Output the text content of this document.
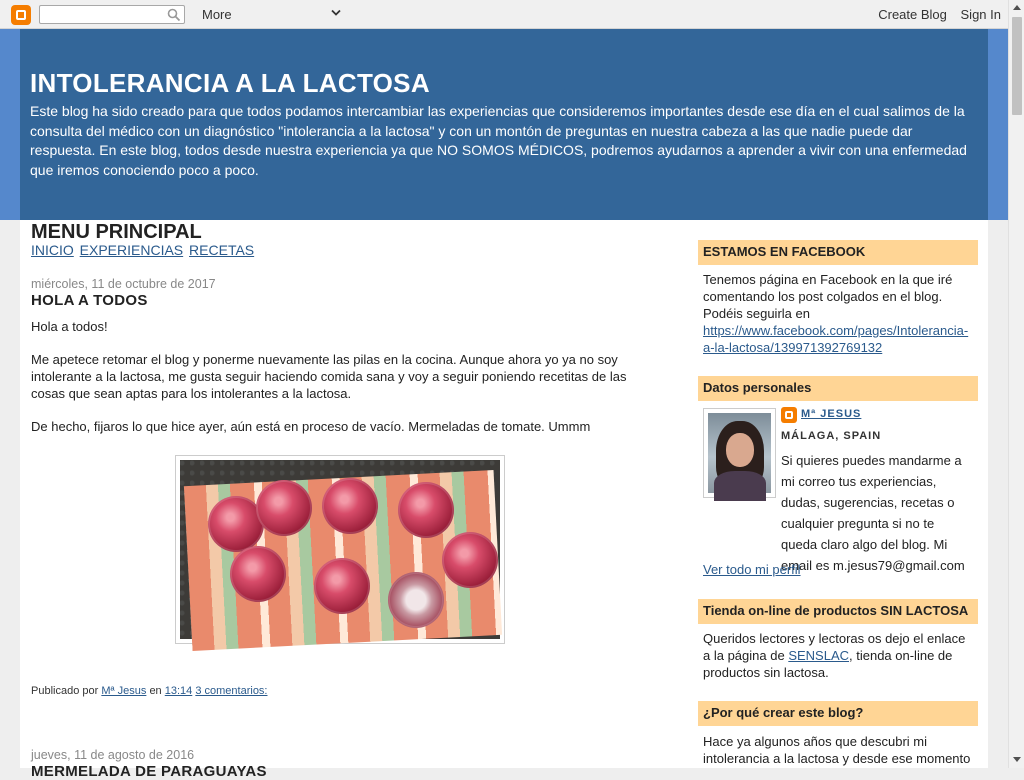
More	Create Blog Sign In
INTOLERANCIA A LA LACTOSA
Este blog ha sido creado para que todos podamos intercambiar las experiencias que consideremos importantes desde ese día en el cual salimos de la consulta del médico con un diagnóstico "intolerancia a la lactosa" y con un montón de preguntas en nuestra cabeza a las que nadie puede dar respuesta. En este blog, todos desde nuestra experiencia ya que NO SOMOS MÉDICOS, podremos ayudarnos a aprender a vivir con una enfermedad que iremos conociendo poco a poco.
MENU PRINCIPAL
INICIO EXPERIENCIAS RECETAS
miércoles, 11 de octubre de 2017
HOLA A TODOS

Hola a todos!

Me apetece retomar el blog y ponerme nuevamente las pilas en la cocina. Aunque ahora yo ya no soy intolerante a la lactosa, me gusta seguir haciendo comida sana y voy a seguir poniendo recetitas de las cosas que sean aptas para los intolerantes a la lactosa.

De hecho, fijaros lo que hice ayer, aún está en proceso de vacío. Mermeladas de tomate. Ummm

Publicado por Mª Jesus en 13:14 3 comentarios:
jueves, 11 de agosto de 2016
MERMELADA DE PARAGUAYAS
ESTAMOS EN FACEBOOK
Tenemos página en Facebook en la que iré comentando los post colgados en el blog. Podéis seguirla en
https://www.facebook.com/pages/Intolerancia-a-la-lactosa/139971392769132
Datos personales
Mª JESUS
MÁLAGA, SPAIN
Si quieres puedes mandarme a mi correo tus experiencias, dudas, sugerencias, recetas o cualquier pregunta si no te queda claro algo del blog. Mi email es m.jesus79@gmail.com
Ver todo mi perfil
Tienda on-line de productos SIN LACTOSA
Queridos lectores y lectoras os dejo el enlace a la página de SENSLAC, tienda on-line de productos sin lactosa.
¿Por qué crear este blog?
Hace ya algunos años que descubri mi intolerancia a la lactosa y desde ese momento
